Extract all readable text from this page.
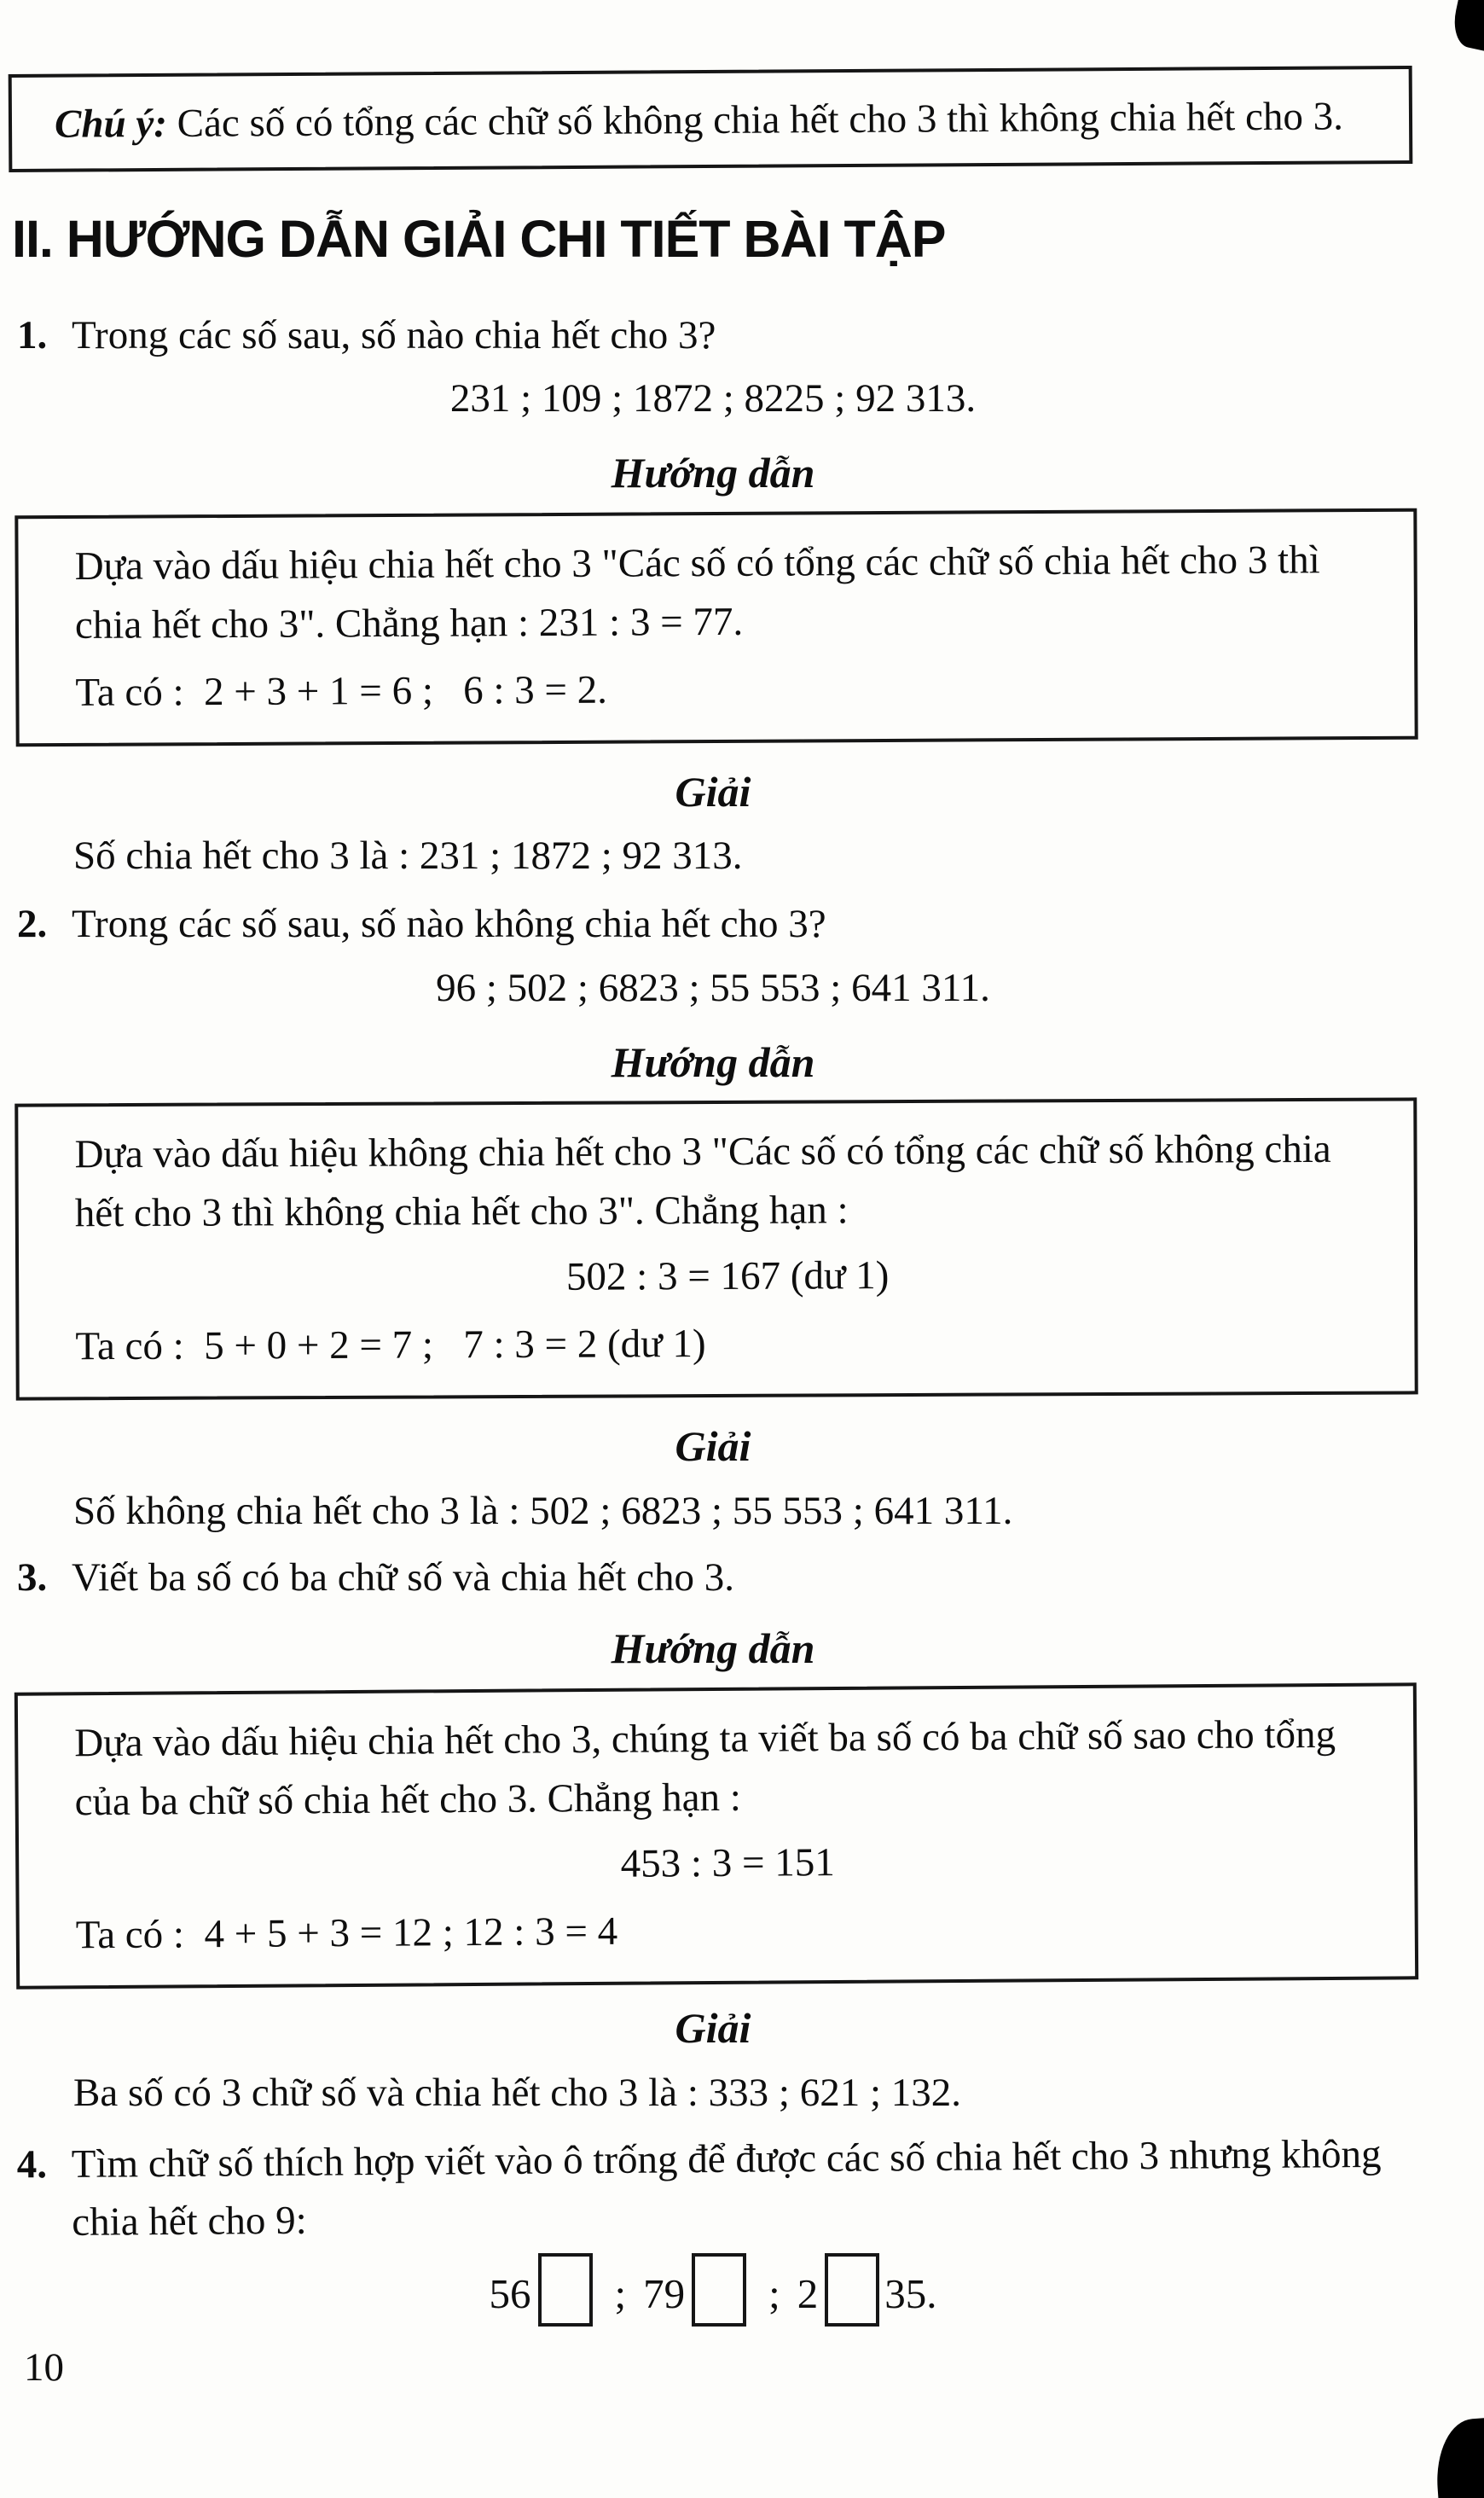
Chú ý: Các số có tổng các chữ số không chia hết cho 3 thì không chia hết cho 3.

II. HƯỚNG DẪN GIẢI CHI TIẾT BÀI TẬP
1. Trong các số sau, số nào chia hết cho 3?

231 ; 109 ; 1872 ; 8225 ; 92 313.

Hướng dẫn

Dựa vào dấu hiệu chia hết cho 3 "Các số có tổng các chữ số chia hết cho 3 thì chia hết cho 3". Chẳng hạn : 231 : 3 = 77.

Ta có :  2 + 3 + 1 = 6 ;   6 : 3 = 2.

Giải

Số chia hết cho 3 là : 231 ; 1872 ; 92 313.

2. Trong các số sau, số nào không chia hết cho 3?

96 ; 502 ; 6823 ; 55 553 ; 641 311.

Hướng dẫn

Dựa vào dấu hiệu không chia hết cho 3 "Các số có tổng các chữ số không chia hết cho 3 thì không chia hết cho 3". Chẳng hạn :

502 : 3 = 167 (dư 1)

Ta có :  5 + 0 + 2 = 7 ;   7 : 3 = 2 (dư 1)

Giải

Số không chia hết cho 3 là : 502 ; 6823 ; 55 553 ; 641 311.

3. Viết ba số có ba chữ số và chia hết cho 3.
Hướng dẫn

Dựa vào dấu hiệu chia hết cho 3, chúng ta viết ba số có ba chữ số sao cho tổng của ba chữ số chia hết cho 3. Chẳng hạn :

453 : 3 = 151

Ta có :  4 + 5 + 3 = 12 ; 12 : 3 = 4

Giải

Ba số có 3 chữ số và chia hết cho 3 là : 333 ; 621 ; 132.

4. Tìm chữ số thích hợp viết vào ô trống để được các số chia hết cho 3 nhưng không chia hết cho 9:

56 ; 79 ; 2 35.

10
